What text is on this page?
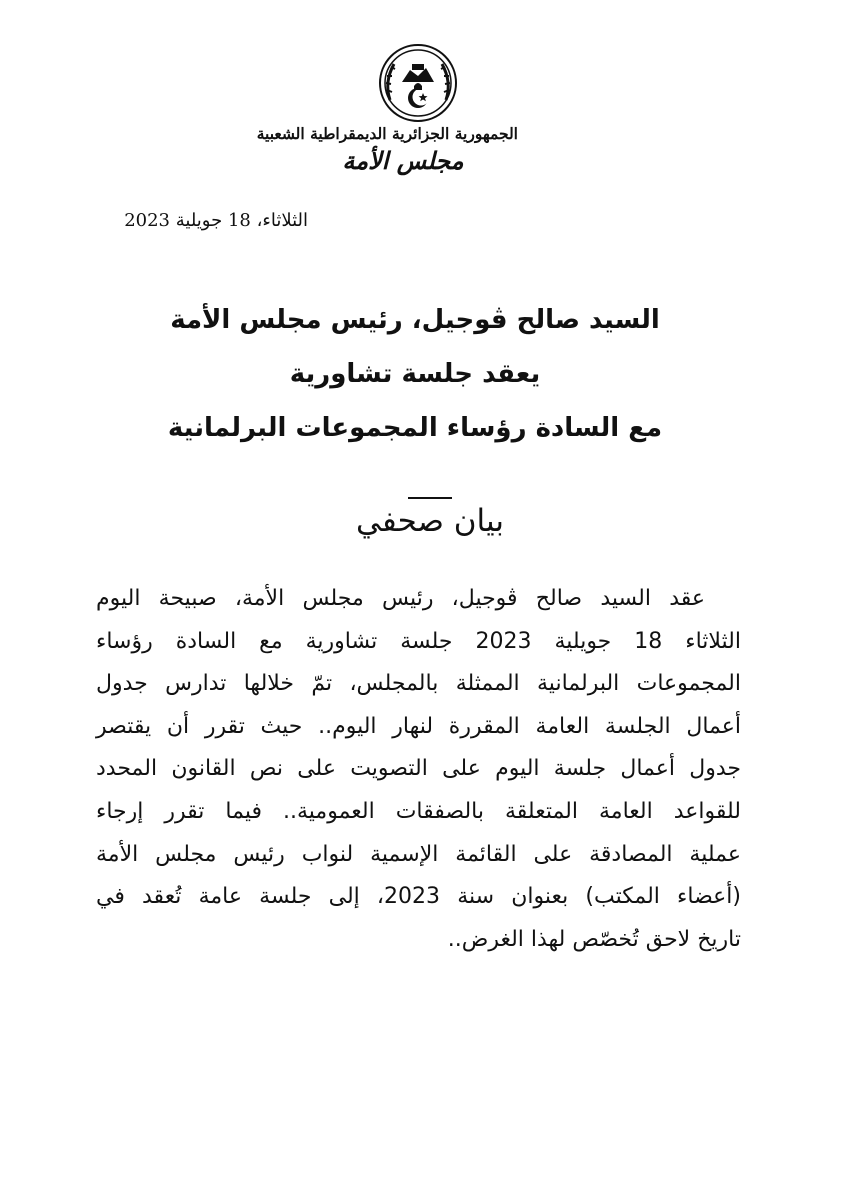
الجمهورية الجزائرية الديمقراطية الشعبية
مجلس الأمة
الثلاثاء، 18 جويلية 2023
السيد صالح ڤوجيل، رئيس مجلس الأمة
يعقد جلسة تشاورية
مع السادة رؤساء المجموعات البرلمانية
بيان صحفي
عقد السيد صالح ڤوجيل، رئيس مجلس الأمة، صبيحة اليوم
الثلاثاء 18 جويلية 2023 جلسة تشاورية مع السادة رؤساء
المجموعات البرلمانية الممثلة بالمجلس، تمّ خلالها تدارس جدول
أعمال الجلسة العامة المقررة لنهار اليوم.. حيث تقرر أن يقتصر
جدول أعمال جلسة اليوم على التصويت على نص القانون المحدد
للقواعد العامة المتعلقة بالصفقات العمومية.. فيما تقرر إرجاء
عملية المصادقة على القائمة الإسمية لنواب رئيس مجلس الأمة
(أعضاء المكتب) بعنوان سنة 2023، إلى جلسة عامة تُعقد في
تاريخ لاحق تُخصّص لهذا الغرض..
